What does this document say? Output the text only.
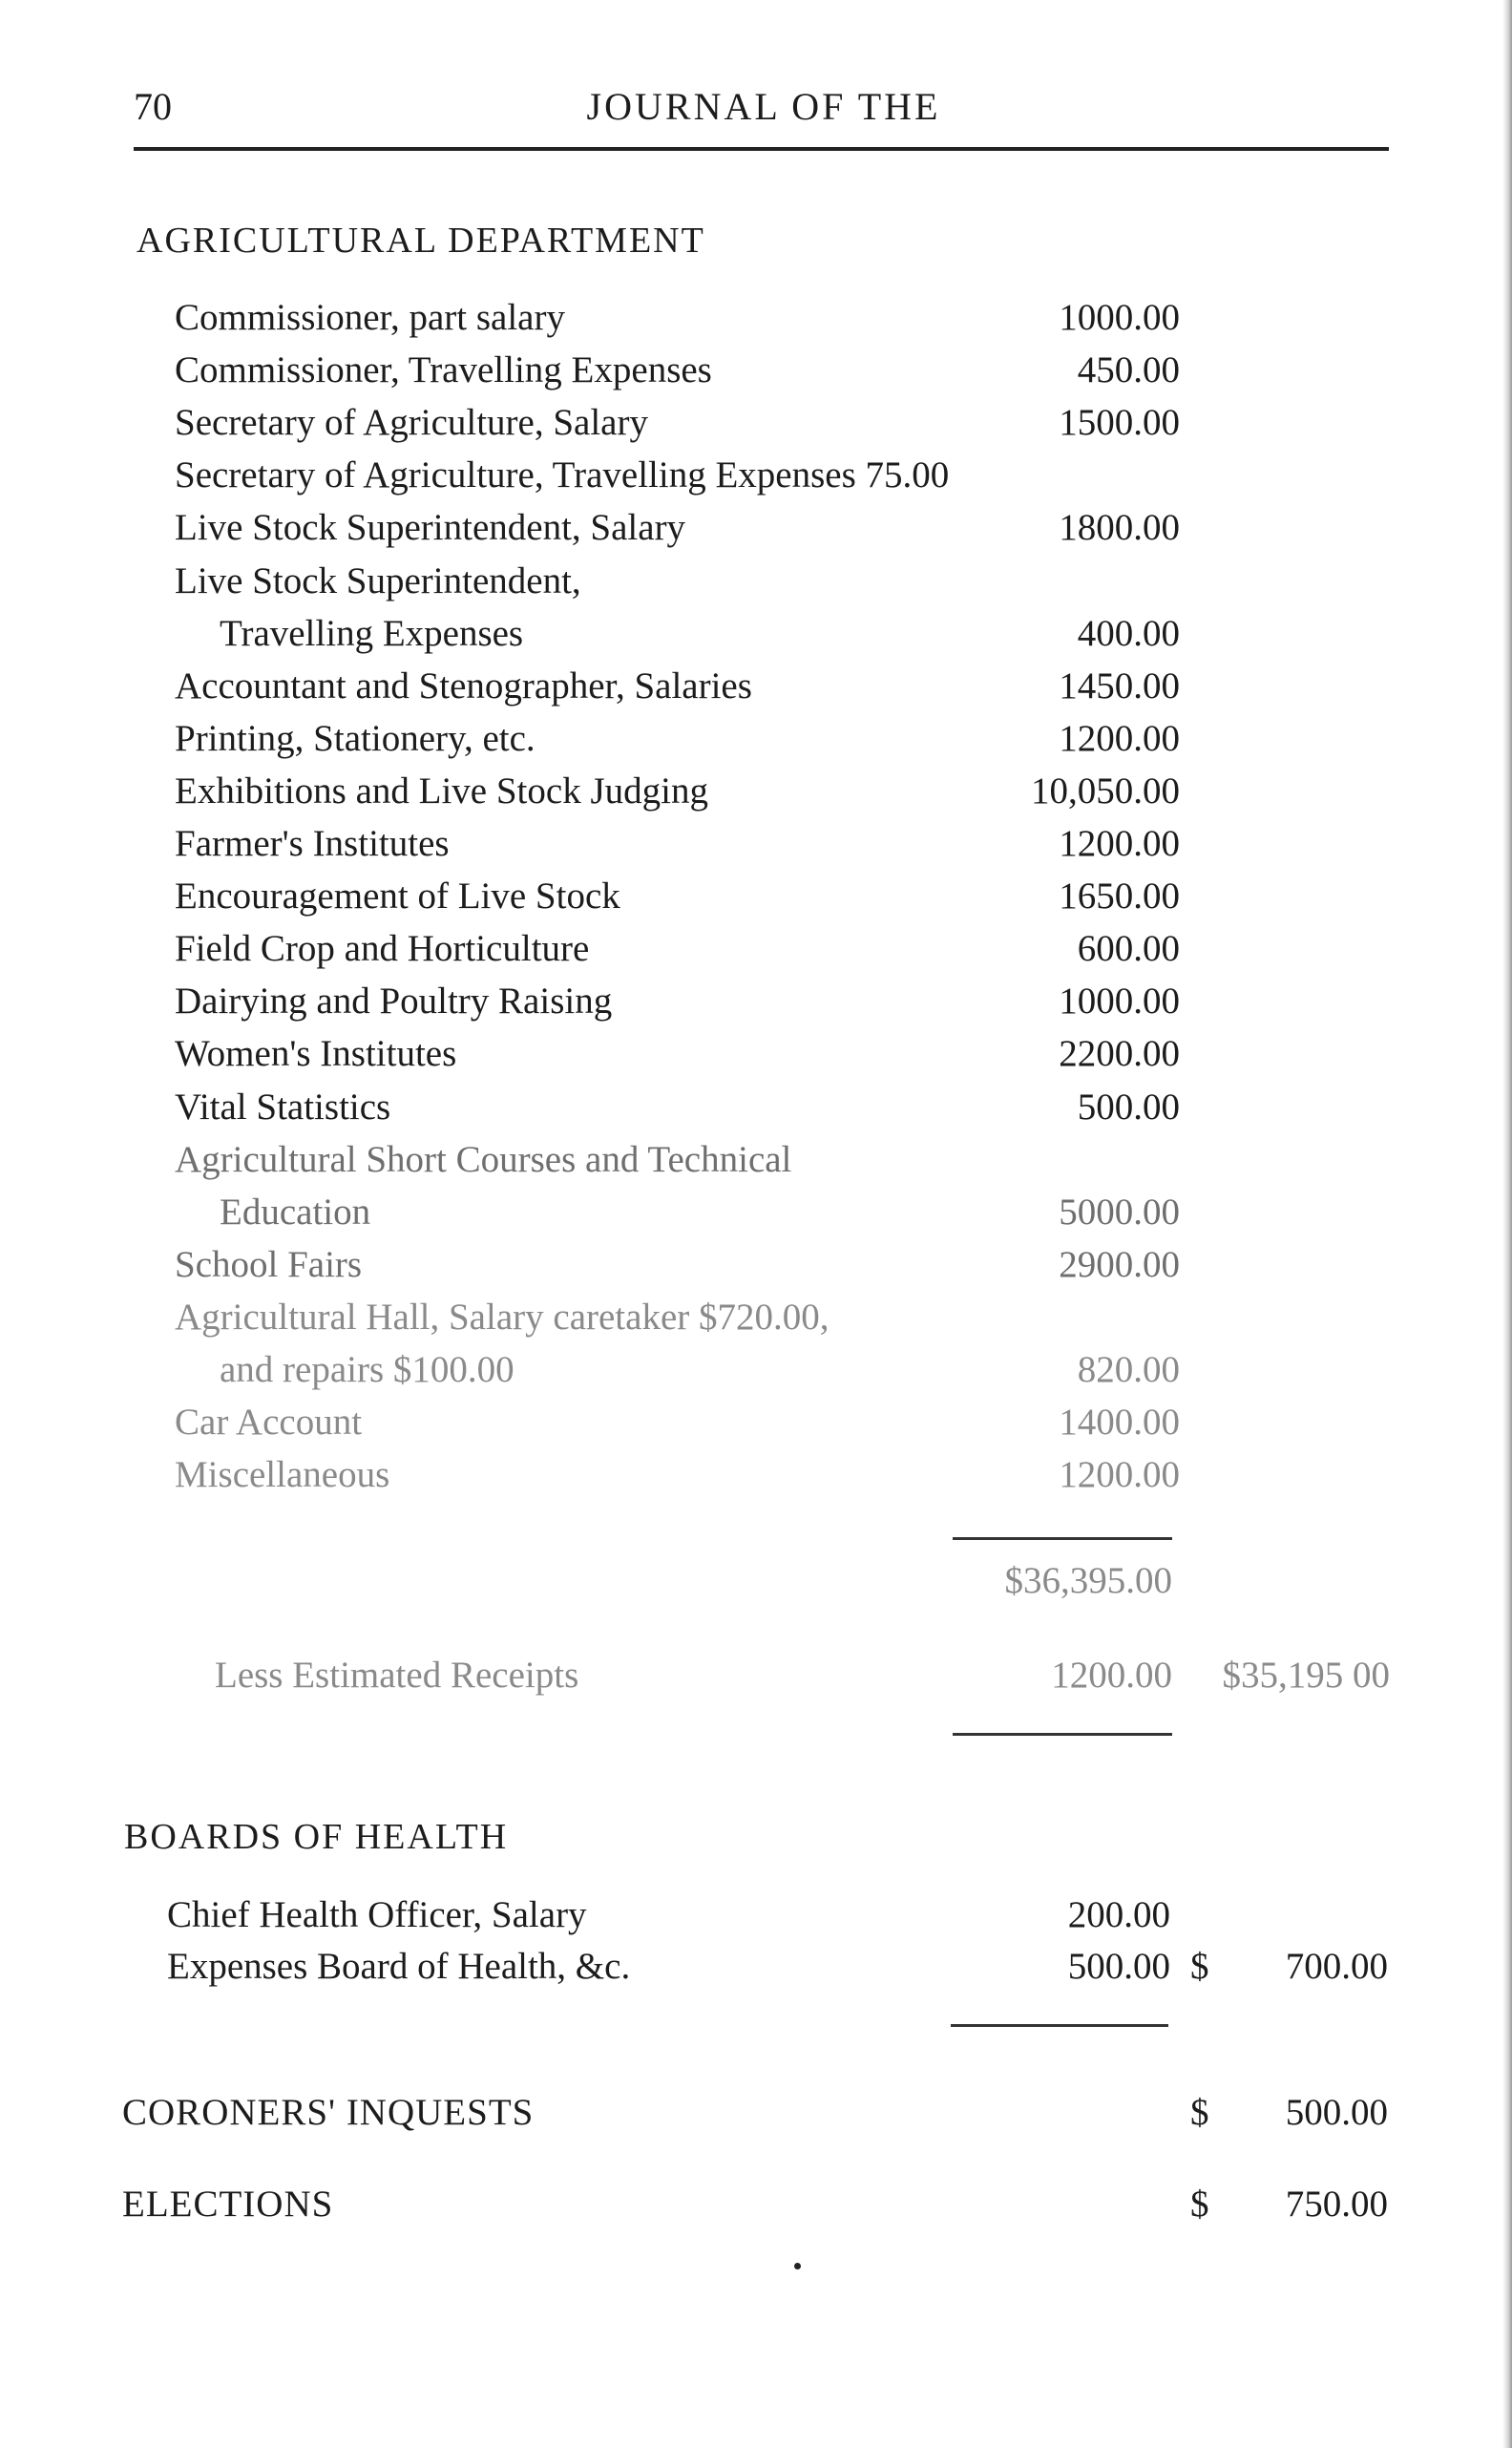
70	JOURNAL OF THE
AGRICULTURAL DEPARTMENT
Commissioner, part salary	1000.00
Commissioner, Travelling Expenses	450.00
Secretary of Agriculture, Salary	1500.00
Secretary of Agriculture, Travelling Expenses 75.00
Live Stock Superintendent, Salary	1800.00
Live Stock Superintendent,
Travelling Expenses	400.00
Accountant and Stenographer, Salaries	1450.00
Printing, Stationery, etc.	1200.00
Exhibitions and Live Stock Judging	10,050.00
Farmer's Institutes	1200.00
Encouragement of Live Stock	1650.00
Field Crop and Horticulture	600.00
Dairying and Poultry Raising	1000.00
Women's Institutes	2200.00
Vital Statistics	500.00
Agricultural Short Courses and Technical
Education	5000.00
School Fairs	2900.00
Agricultural Hall, Salary caretaker $720.00,
and repairs $100.00	820.00
Car Account	1400.00
Miscellaneous	1200.00
$36,395.00
Less Estimated Receipts	1200.00 $35,195 00
BOARDS OF HEALTH
Chief Health Officer, Salary	200.00
Expenses Board of Health, &c.	500.00 $ 700.00
CORONERS' INQUESTS	$ 500.00
ELECTIONS	$ 750.00
